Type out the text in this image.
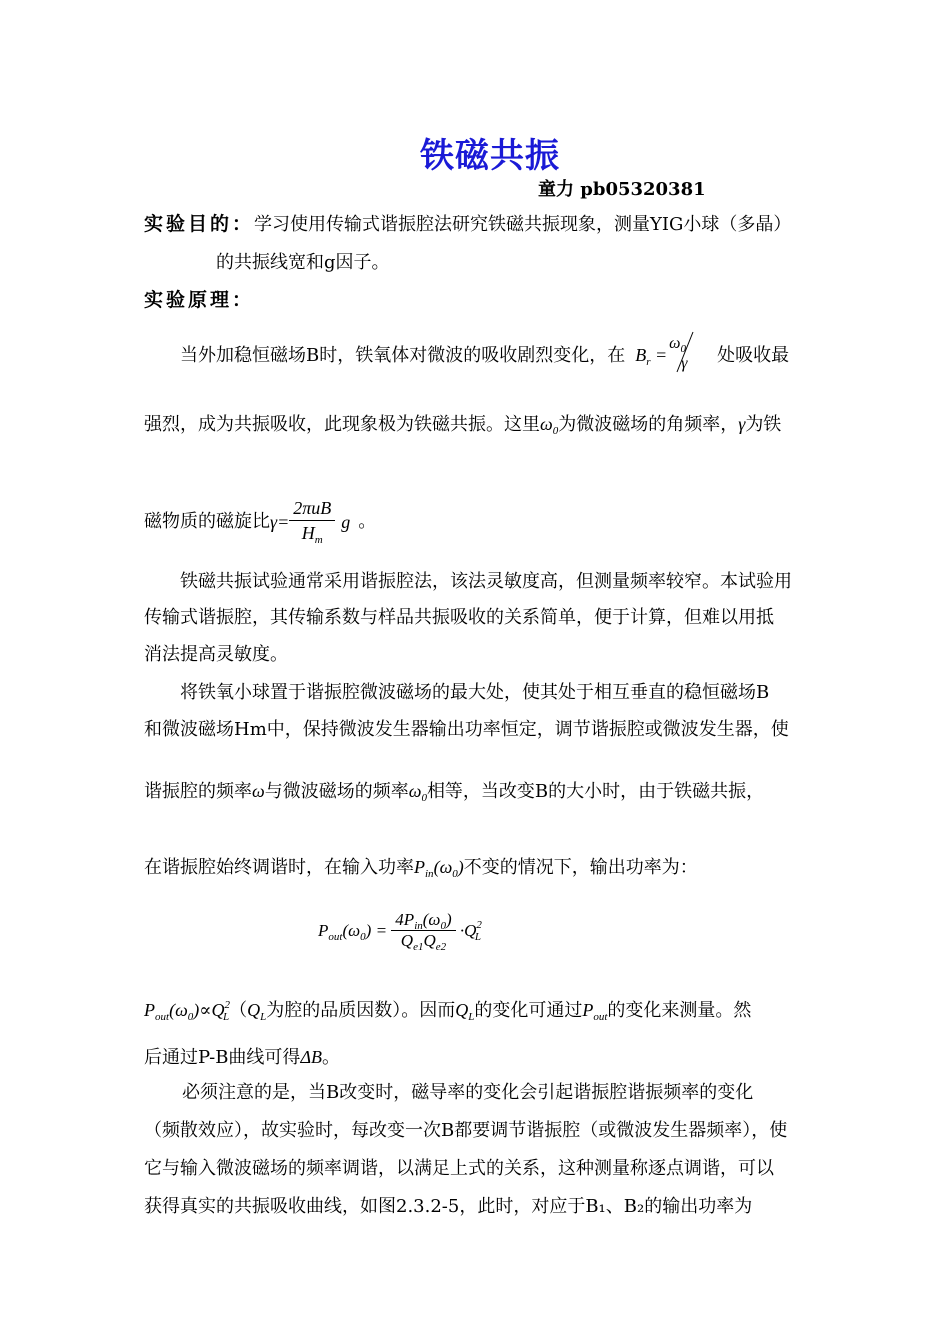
铁磁共振
童力 pb05320381
实验目的：学习使用传输式谐振腔法研究铁磁共振现象，测量YIG小球（多晶）
的共振线宽和g因子。
实验原理：
当外加稳恒磁场B时，铁氧体对微波的吸收剧烈变化，在 $B_r$ =
$\omega_0$
γ 处吸收最
强烈，成为共振吸收，此现象极为铁磁共振。这里$\omega_0$为微波磁场的角频率，γ为铁
磁物质的磁旋比$\gamma= \frac{\text{2πuB}}{H_m}$ g 。
铁磁共振试验通常采用谐振腔法，该法灵敏度高，但测量频率较窄。本试验用
传输式谐振腔，其传输系数与样品共振吸收的关系简单，便于计算，但难以用抵
消法提高灵敏度。
将铁氧小球置于谐振腔微波磁场的最大处，使其处于相互垂直的稳恒磁场B
和微波磁场Hm中，保持微波发生器输出功率恒定，调节谐振腔或微波发生器，使
谐振腔的频率ω与微波磁场的频率$\omega_0$相等，当改变B的大小时，由于铁磁共振，
在谐振腔始终调谐时，在输入功率$P_{in}(\omega_0)$不变的情况下，输出功率为：
$P_{out}(\omega_0) = \frac{4P_{in}(\omega_0)}{Q_{e1}Q_{e2}} \cdot Q^2_L$
$P_{out}(\omega_0)\propto Q^2_L(Q_L$为腔的品质因数）。因而$Q_L$的变化可通过$P_{out}$的变化来测量。然
后通过P-B曲线可得ΔB。
必须注意的是，当B改变时，磁导率的变化会引起谐振腔谐振频率的变化
（频散效应），故实验时，每改变一次B都要调节谐振腔（或微波发生器频率），使
它与输入微波磁场的频率调谐，以满足上式的关系，这种测量称逐点调谐，可以
获得真实的共振吸收曲线，如图2.3.2-5，此时，对应于B₁、B₂的输出功率为
